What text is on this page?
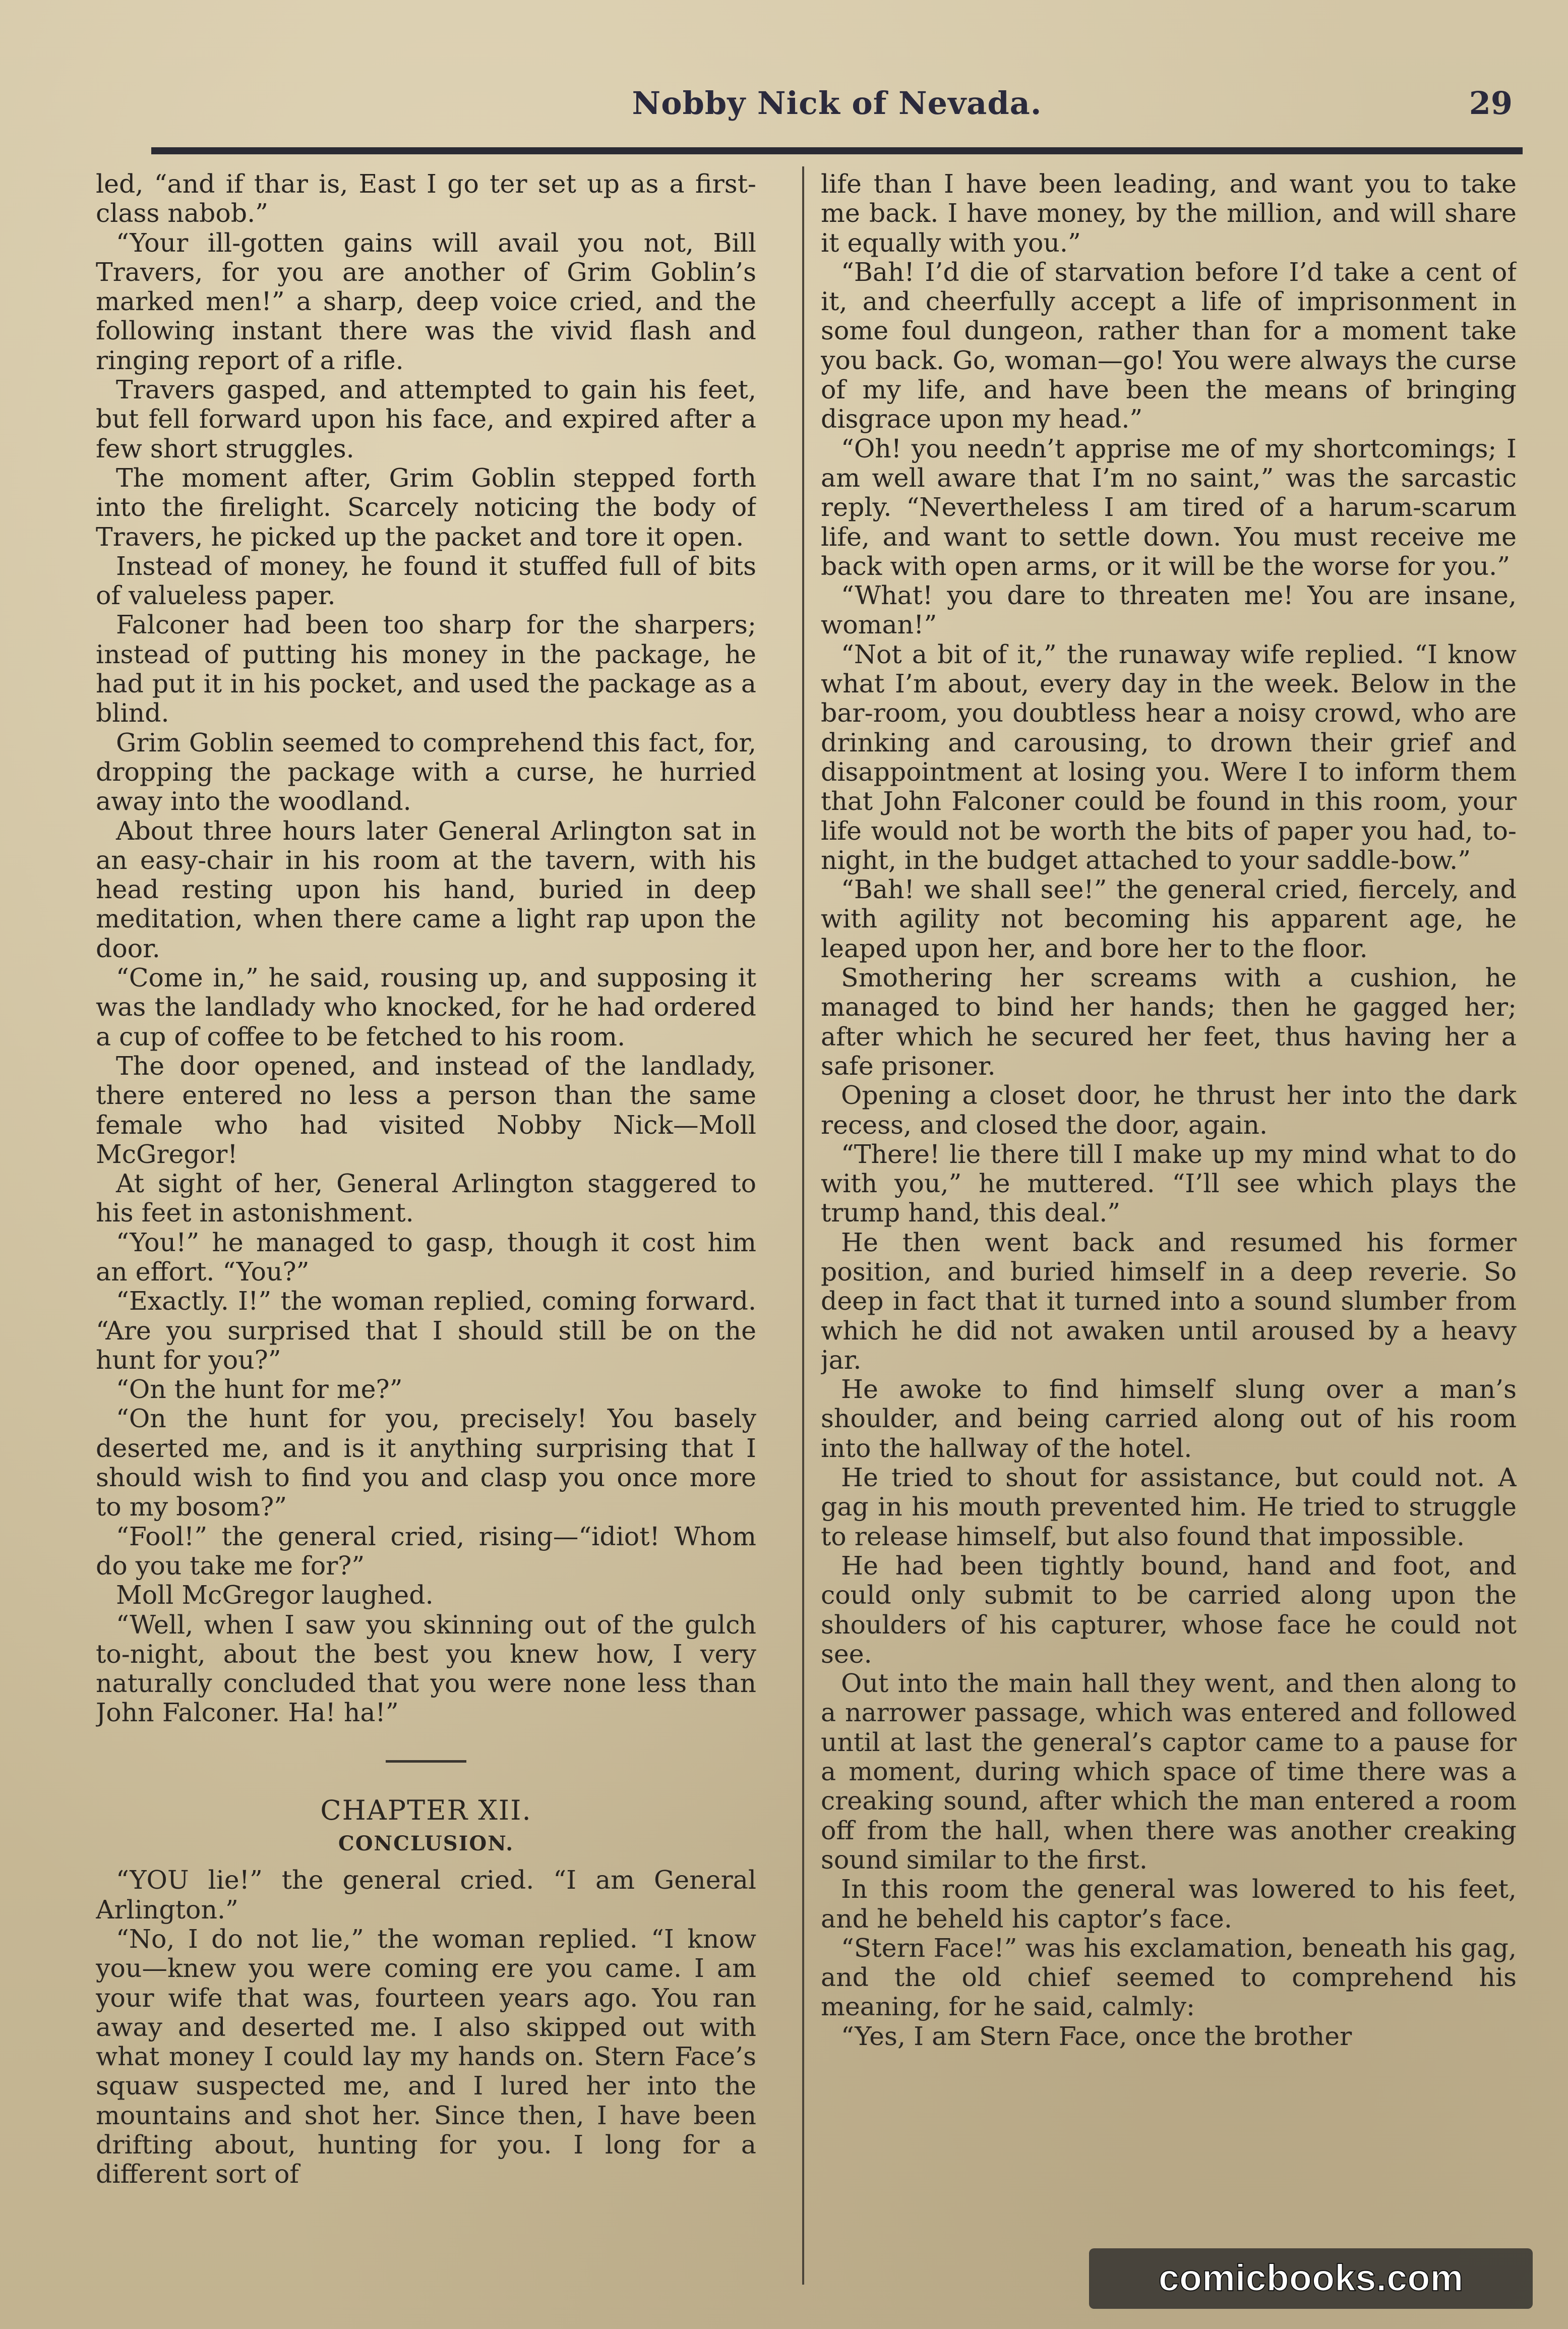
Nobby Nick of Nevada.	29

led, “and if thar is, East I go ter set up as a first-class nabob.”

“Your ill-gotten gains will avail you not, Bill Travers, for you are another of Grim Goblin’s marked men!” a sharp, deep voice cried, and the following instant there was the vivid flash and ringing report of a rifle.

Travers gasped, and attempted to gain his feet, but fell forward upon his face, and expired after a few short struggles.

The moment after, Grim Goblin stepped forth into the firelight. Scarcely noticing the body of Travers, he picked up the packet and tore it open.

Instead of money, he found it stuffed full of bits of valueless paper.

Falconer had been too sharp for the sharpers; instead of putting his money in the package, he had put it in his pocket, and used the package as a blind.

Grim Goblin seemed to comprehend this fact, for, dropping the package with a curse, he hurried away into the woodland.

About three hours later General Arlington sat in an easy-chair in his room at the tavern, with his head resting upon his hand, buried in deep meditation, when there came a light rap upon the door.

“Come in,” he said, rousing up, and supposing it was the landlady who knocked, for he had ordered a cup of coffee to be fetched to his room.

The door opened, and instead of the landlady, there entered no less a person than the same female who had visited Nobby Nick—Moll McGregor!

At sight of her, General Arlington staggered to his feet in astonishment.

“You!” he managed to gasp, though it cost him an effort. “You?”

“Exactly. I!” the woman replied, coming forward. “Are you surprised that I should still be on the hunt for you?”

“On the hunt for me?”

“On the hunt for you, precisely! You basely deserted me, and is it anything surprising that I should wish to find you and clasp you once more to my bosom?”

“Fool!” the general cried, rising—“idiot! Whom do you take me for?”

Moll McGregor laughed.

“Well, when I saw you skinning out of the gulch to-night, about the best you knew how, I very naturally concluded that you were none less than John Falconer. Ha! ha!”

CHAPTER XII.
CONCLUSION.

“YOU lie!” the general cried. “I am General Arlington.”

“No, I do not lie,” the woman replied. “I know you—knew you were coming ere you came. I am your wife that was, fourteen years ago. You ran away and deserted me. I also skipped out with what money I could lay my hands on. Stern Face’s squaw suspected me, and I lured her into the mountains and shot her. Since then, I have been drifting about, hunting for you. I long for a different sort of

life than I have been leading, and want you to take me back. I have money, by the million, and will share it equally with you.”

“Bah! I’d die of starvation before I’d take a cent of it, and cheerfully accept a life of imprisonment in some foul dungeon, rather than for a moment take you back. Go, woman—go! You were always the curse of my life, and have been the means of bringing disgrace upon my head.”

“Oh! you needn’t apprise me of my shortcomings; I am well aware that I’m no saint,” was the sarcastic reply. “Nevertheless I am tired of a harum-scarum life, and want to settle down. You must receive me back with open arms, or it will be the worse for you.”

“What! you dare to threaten me! You are insane, woman!”

“Not a bit of it,” the runaway wife replied. “I know what I’m about, every day in the week. Below in the bar-room, you doubtless hear a noisy crowd, who are drinking and carousing, to drown their grief and disappointment at losing you. Were I to inform them that John Falconer could be found in this room, your life would not be worth the bits of paper you had, to-night, in the budget attached to your saddle-bow.”

“Bah! we shall see!” the general cried, fiercely, and with agility not becoming his apparent age, he leaped upon her, and bore her to the floor.

Smothering her screams with a cushion, he managed to bind her hands; then he gagged her; after which he secured her feet, thus having her a safe prisoner.

Opening a closet door, he thrust her into the dark recess, and closed the door, again.

“There! lie there till I make up my mind what to do with you,” he muttered. “I’ll see which plays the trump hand, this deal.”

He then went back and resumed his former position, and buried himself in a deep reverie. So deep in fact that it turned into a sound slumber from which he did not awaken until aroused by a heavy jar.

He awoke to find himself slung over a man’s shoulder, and being carried along out of his room into the hallway of the hotel.

He tried to shout for assistance, but could not. A gag in his mouth prevented him. He tried to struggle to release himself, but also found that impossible.

He had been tightly bound, hand and foot, and could only submit to be carried along upon the shoulders of his capturer, whose face he could not see.

Out into the main hall they went, and then along to a narrower passage, which was entered and followed until at last the general’s captor came to a pause for a moment, during which space of time there was a creaking sound, after which the man entered a room off from the hall, when there was another creaking sound similar to the first.

In this room the general was lowered to his feet, and he beheld his captor’s face.

“Stern Face!” was his exclamation, beneath his gag, and the old chief seemed to comprehend his meaning, for he said, calmly:

“Yes, I am Stern Face, once the brother

comicbooks.com
